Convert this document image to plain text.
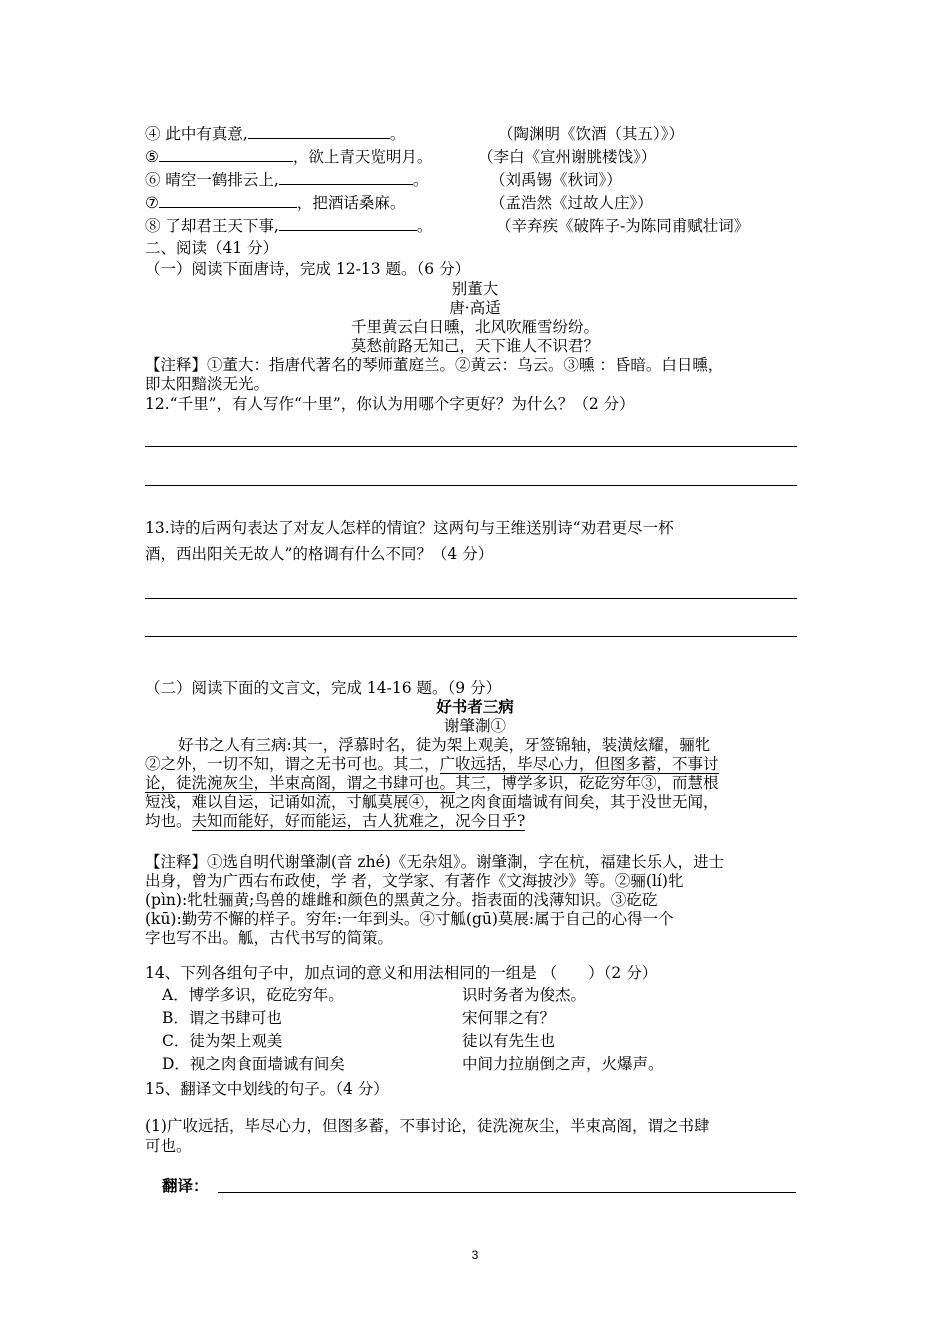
④ 此中有真意,	。	（陶渊明《饮酒（其五）》）
⑤	，欲上青天览明月。	（李白《宣州谢朓楼饯》）
⑥ 晴空一鹤排云上,	。	（刘禹锡《秋词》）
⑦	，把酒话桑麻。	（孟浩然《过故人庄》）
⑧ 了却君王天下事,	。	（辛弃疾《破阵子-为陈同甫赋壮词》
二、阅读（41 分）
（一）阅读下面唐诗，完成 12-13 题。（6 分）
别董大
唐·高适
千里黄云白日曛，北风吹雁雪纷纷。
莫愁前路无知己，天下谁人不识君？
【注释】①董大：指唐代著名的琴师董庭兰。②黄云：乌云。③曛 ：昏暗。白日曛，
即太阳黯淡无光。
12.“千里”，有人写作“十里”，你认为用哪个字更好？为什么？（2 分）
13.诗的后两句表达了对友人怎样的情谊？这两句与王维送别诗“劝君更尽一杯
酒，西出阳关无故人”的格调有什么不同？（4 分）
（二）阅读下面的文言文，完成 14-16 题。（9 分）
好书者三病
谢肇淛①
好书之人有三病:其一，浮慕时名，徒为架上观美，牙签锦轴，装潢炫耀，骊牝
②之外，一切不知，谓之无书可也。其二，广收远括，毕尽心力，但图多蓄，不事讨
论，徒洗涴灰尘，半束高阁，谓之书肆可也。其三，博学多识，矻矻穷年③，而慧根
短浅，难以自运，记诵如流，寸觚莫展④，视之肉食面墙诚有间矣，其于没世无闻，
均也。夫知而能好，好而能运，古人犹难之，况今日乎?
【注释】①选自明代谢肇淛(音 zhé)《无杂俎》。谢肇淛，字在杭，福建长乐人，进士
出身，曾为广西右布政使，学 者，文学家、有著作《文海披沙》等。②骊(lí)牝
(pìn):牝牡骊黄;鸟兽的雄雌和颜色的黑黄之分。指表面的浅薄知识。③矻矻
(kū):勤劳不懈的样子。穷年:一年到头。④寸觚(gū)莫展:属于自己的心得一个
字也写不出。觚，古代书写的简策。
14、下列各组句子中，加点词的意义和用法相同的一组是 （　　）（2 分）
A．博学多识，矻矻穷年。	识时务者为俊杰。
B．谓之书肆可也	宋何罪之有？
C．徒为架上观美	徒以有先生也
D．视之肉食面墙诚有间矣	中间力拉崩倒之声，火爆声。
15、翻译文中划线的句子。（4 分）
(1)广收远括，毕尽心力，但图多蓄，不事讨论，徒洗涴灰尘，半束高阁，谓之书肆
可也。
翻译：
3
